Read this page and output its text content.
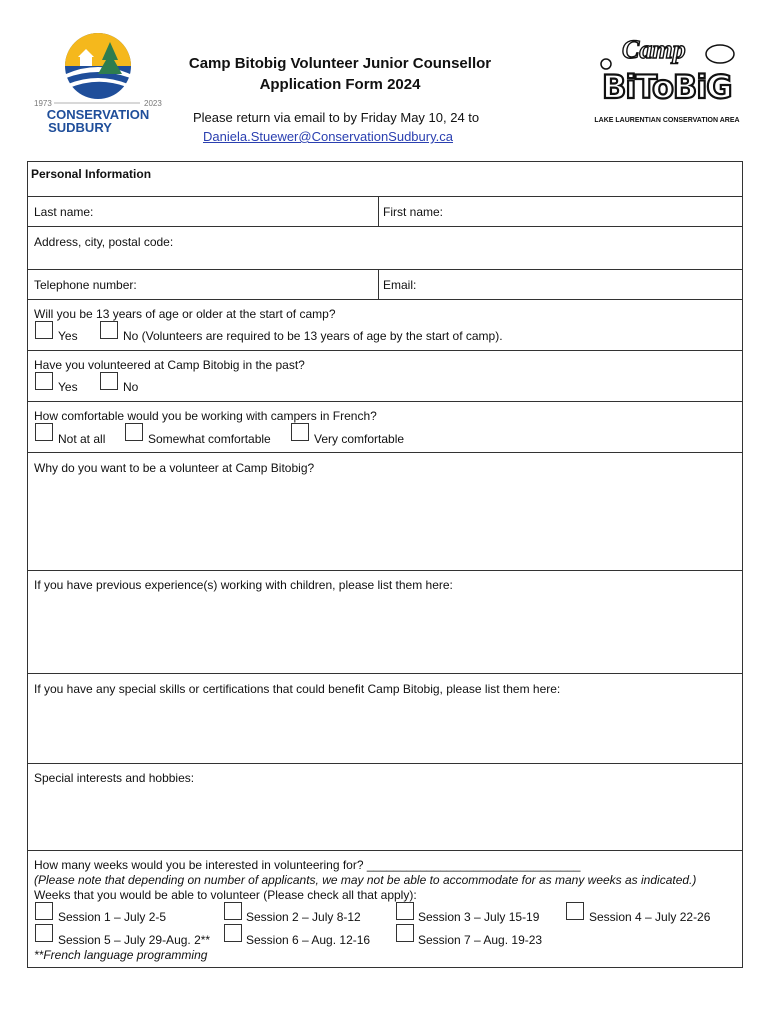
1973	2023
CONSERVATION
SUDBURY
Camp Bitobig Volunteer Junior Counsellor
Application Form 2024
Please return via email to by Friday May 10, 24 to
Daniela.Stuewer@ConservationSudbury.ca
Camp
BiToBiG
LAKE LAURENTIAN CONSERVATION AREA
Personal Information
Last name:	First name:
Address, city, postal code:
Telephone number:	Email:
Will you be 13 years of age or older at the start of camp?
Yes	No (Volunteers are required to be 13 years of age by the start of camp).
Have you volunteered at Camp Bitobig in the past?
Yes	No
How comfortable would you be working with campers in French?
Not at all	Somewhat comfortable	Very comfortable
Why do you want to be a volunteer at Camp Bitobig?
If you have previous experience(s) working with children, please list them here:
If you have any special skills or certifications that could benefit Camp Bitobig, please list them here:
Special interests and hobbies:
How many weeks would you be interested in volunteering for? ________________________________
(Please note that depending on number of applicants, we may not be able to accommodate for as many weeks as indicated.)
Weeks that you would be able to volunteer (Please check all that apply):
Session 1 – July 2-5	Session 2 – July 8-12	Session 3 – July 15-19	Session 4 – July 22-26
Session 5 – July 29-Aug. 2**	Session 6 – Aug. 12-16	Session 7 – Aug. 19-23
**French language programming
